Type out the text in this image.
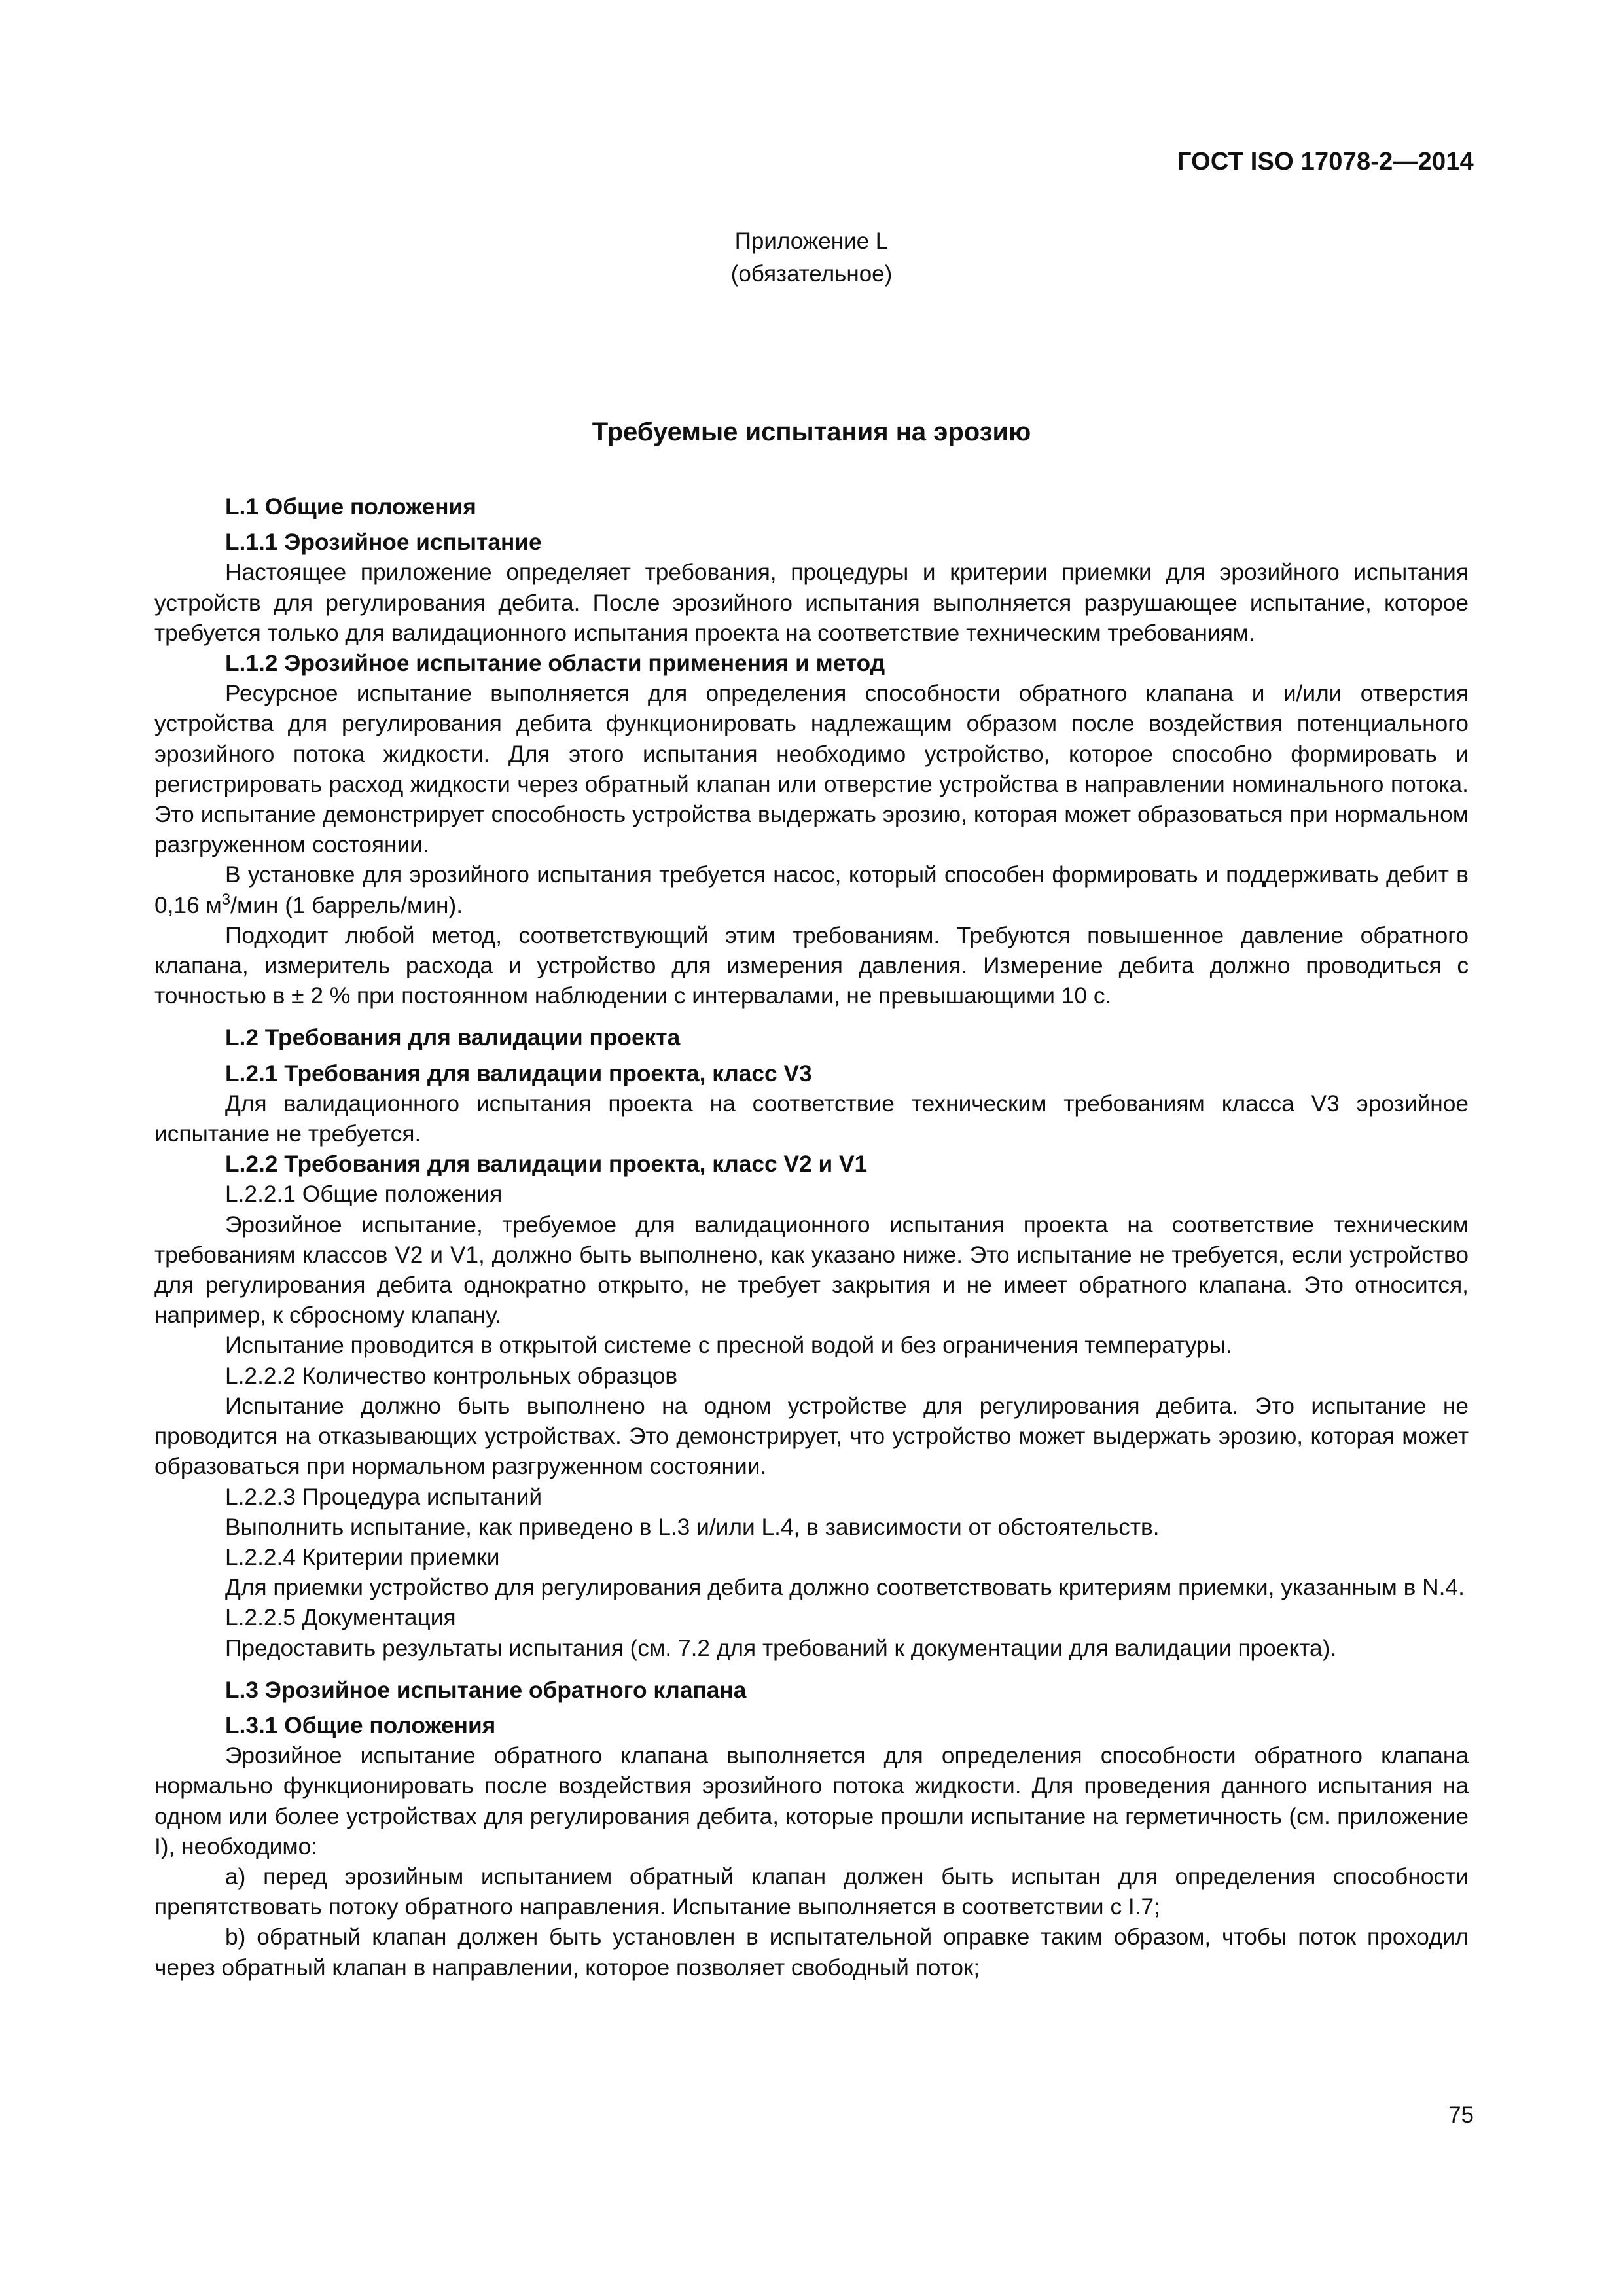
ГОСТ ISO 17078-2—2014
Приложение L
(обязательное)
Требуемые испытания на эрозию

L.1 Общие положения

L.1.1 Эрозийное испытание

Настоящее приложение определяет требования, процедуры и критерии приемки для эрозийного испытания устройств для регулирования дебита. После эрозийного испытания выполняется разрушающее испытание, которое требуется только для валидационного испытания проекта на соответствие техническим требованиям.

L.1.2 Эрозийное испытание области применения и метод

Ресурсное испытание выполняется для определения способности обратного клапана и и/или отверстия устройства для регулирования дебита функционировать надлежащим образом после воздействия потенциального эрозийного потока жидкости. Для этого испытания необходимо устройство, которое способно формировать и регистрировать расход жидкости через обратный клапан или отверстие устройства в направлении номинального потока. Это испытание демонстрирует способность устройства выдержать эрозию, которая может образоваться при нормальном разгруженном состоянии.

В установке для эрозийного испытания требуется насос, который способен формировать и поддерживать дебит в 0,16 $м^3$/мин (1 баррель/мин).

Подходит любой метод, соответствующий этим требованиям. Требуются повышенное давление обратного клапана, измеритель расхода и устройство для измерения давления. Измерение дебита должно проводиться с точностью в ± 2 % при постоянном наблюдении с интервалами, не превышающими 10 с.

L.2 Требования для валидации проекта

L.2.1 Требования для валидации проекта, класс V3

Для валидационного испытания проекта на соответствие техническим требованиям класса V3 эрозийное испытание не требуется.

L.2.2 Требования для валидации проекта, класс V2 и V1

L.2.2.1 Общие положения

Эрозийное испытание, требуемое для валидационного испытания проекта на соответствие техническим требованиям классов V2 и V1, должно быть выполнено, как указано ниже. Это испытание не требуется, если устройство для регулирования дебита однократно открыто, не требует закрытия и не имеет обратного клапана. Это относится, например, к сбросному клапану.

Испытание проводится в открытой системе с пресной водой и без ограничения температуры.

L.2.2.2 Количество контрольных образцов

Испытание должно быть выполнено на одном устройстве для регулирования дебита. Это испытание не проводится на отказывающих устройствах. Это демонстрирует, что устройство может выдержать эрозию, которая может образоваться при нормальном разгруженном состоянии.

L.2.2.3 Процедура испытаний

Выполнить испытание, как приведено в L.3 и/или L.4, в зависимости от обстоятельств.

L.2.2.4 Критерии приемки

Для приемки устройство для регулирования дебита должно соответствовать критериям приемки, указанным в N.4.

L.2.2.5 Документация

Предоставить результаты испытания (см. 7.2 для требований к документации для валидации проекта).

L.3 Эрозийное испытание обратного клапана

L.3.1 Общие положения

Эрозийное испытание обратного клапана выполняется для определения способности обратного клапана нормально функционировать после воздействия эрозийного потока жидкости. Для проведения данного испытания на одном или более устройствах для регулирования дебита, которые прошли испытание на герметичность (см. приложение I), необходимо:

a) перед эрозийным испытанием обратный клапан должен быть испытан для определения способности препятствовать потоку обратного направления. Испытание выполняется в соответствии с I.7;

b) обратный клапан должен быть установлен в испытательной оправке таким образом, чтобы поток проходил через обратный клапан в направлении, которое позволяет свободный поток;

75
